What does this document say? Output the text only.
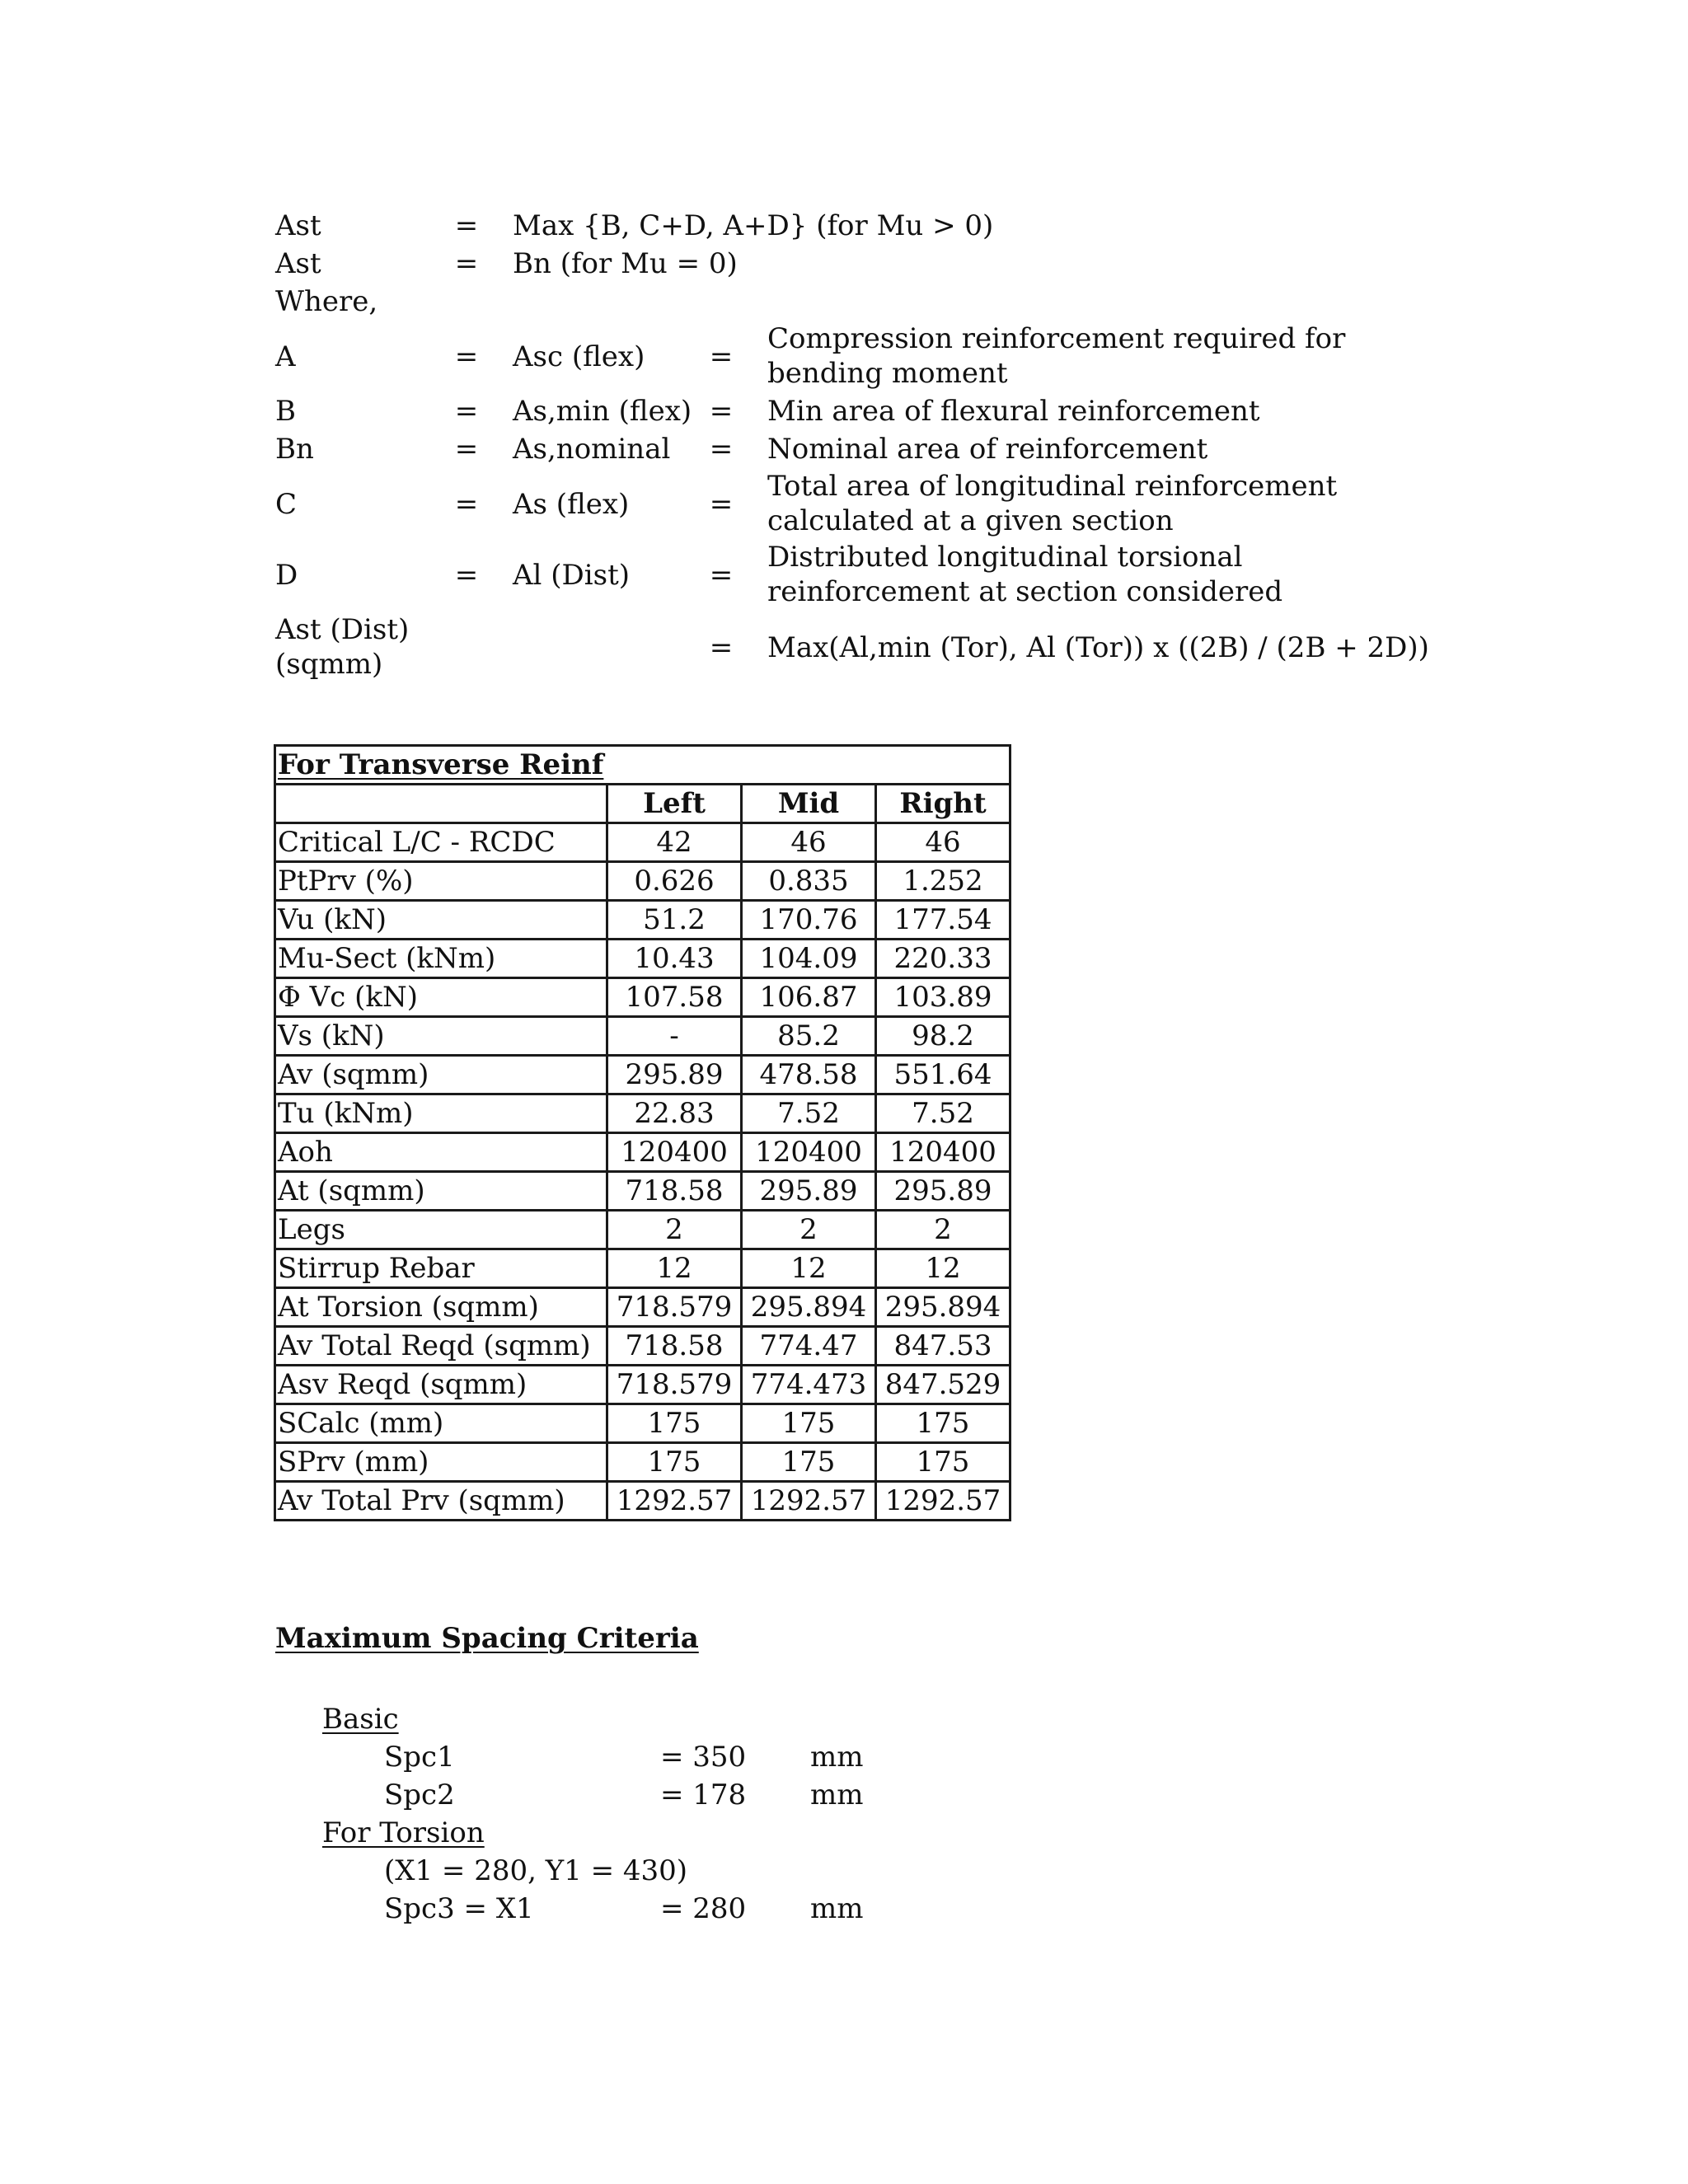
Ast	= Max {B, C+D, A+D} (for Mu > 0)
Ast	= Bn (for Mu = 0)
Where,
A	= Asc (flex) =
Compression reinforcement required for bending moment
B	= As,min (flex) = Min area of flexural reinforcement
Bn	= As,nominal = Nominal area of reinforcement
C	= As (flex)	=
Total area of longitudinal reinforcement calculated at a given section
D	= Al (Dist)	=
Distributed longitudinal torsional reinforcement at section considered
Ast (Dist)
(sqmm)	= Max(Al,min (Tor), Al (Tor)) x ((2B) / (2B + 2D))
For Transverse Reinf			
	Left	Mid	Right
Critical L/C - RCDC	42	46	46
PtPrv (%)	0.626	0.835	1.252
Vu (kN)	51.2	170.76	177.54
Mu-Sect (kNm)	10.43	104.09	220.33
Φ Vc (kN)	107.58	106.87	103.89
Vs (kN)	-	85.2	98.2
Av (sqmm)	295.89	478.58	551.64
Tu (kNm)	22.83	7.52	7.52
Aoh	120400	120400	120400
At (sqmm)	718.58	295.89	295.89
Legs	2	2	2
Stirrup Rebar	12	12	12
At Torsion (sqmm)	718.579	295.894	295.894
Av Total Reqd (sqmm)	718.58	774.47	847.53
Asv Reqd (sqmm)	718.579	774.473	847.529
SCalc (mm)	175	175	175
SPrv (mm)	175	175	175
Av Total Prv (sqmm)	1292.57	1292.57	1292.57
Maximum Spacing Criteria
Basic
Spc1	= 350 mm
Spc2	= 178 mm
For Torsion
(X1 = 280, Y1 = 430)
Spc3 = X1	= 280 mm
